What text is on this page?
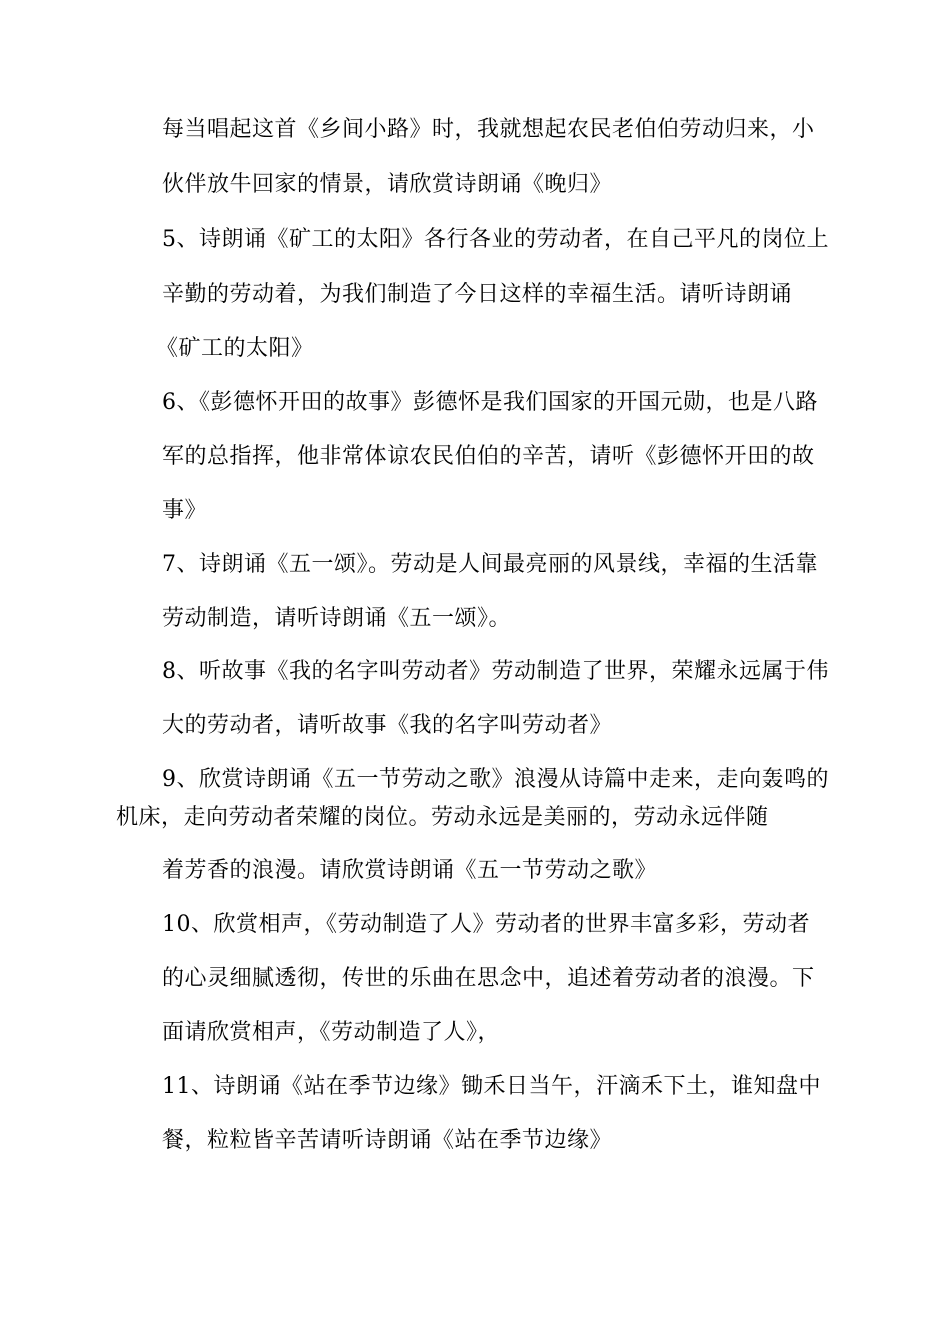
每当唱起这首《乡间小路》时，我就想起农民老伯伯劳动归来，小
伙伴放牛回家的情景，请欣赏诗朗诵《晚归》
5、诗朗诵《矿工的太阳》各行各业的劳动者，在自己平凡的岗位上
辛勤的劳动着，为我们制造了今日这样的幸福生活。请听诗朗诵
《矿工的太阳》
6、《彭德怀开田的故事》彭德怀是我们国家的开国元勋，也是八路
军的总指挥，他非常体谅农民伯伯的辛苦，请听《彭德怀开田的故
事》
7、诗朗诵《五一颂》。劳动是人间最亮丽的风景线，幸福的生活靠
劳动制造，请听诗朗诵《五一颂》。
8、听故事《我的名字叫劳动者》劳动制造了世界，荣耀永远属于伟
大的劳动者，请听故事《我的名字叫劳动者》
9、欣赏诗朗诵《五一节劳动之歌》浪漫从诗篇中走来，走向轰鸣的
机床，走向劳动者荣耀的岗位。劳动永远是美丽的，劳动永远伴随
着芳香的浪漫。请欣赏诗朗诵《五一节劳动之歌》
10、欣赏相声，《劳动制造了人》劳动者的世界丰富多彩，劳动者
的心灵细腻透彻，传世的乐曲在思念中，追述着劳动者的浪漫。下
面请欣赏相声，《劳动制造了人》，
11、诗朗诵《站在季节边缘》锄禾日当午，汗滴禾下土，谁知盘中
餐，粒粒皆辛苦请听诗朗诵《站在季节边缘》
